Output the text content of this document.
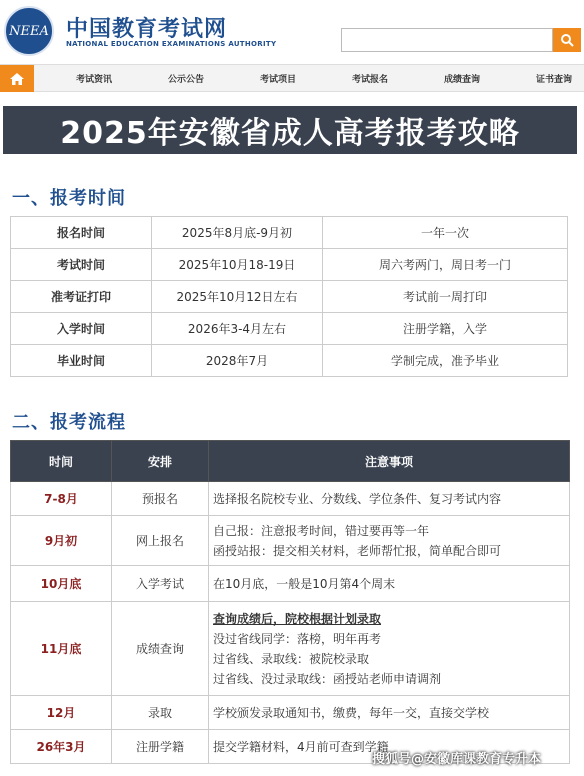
NEEA 中国教育考试网
NATIONAL EDUCATION EXAMINATIONS AUTHORITY
考试资讯	公示公告	考试项目	考试报名	成绩查询	证书查询
2025年安徽省成人高考报考攻略
一、报考时间
报名时间	2025年8月底-9月初	一年一次
考试时间	2025年10月18-19日	周六考两门，周日考一门
准考证打印	2025年10月12日左右	考试前一周打印
入学时间	2026年3-4月左右	注册学籍，入学
毕业时间	2028年7月	学制完成，准予毕业
二、报考流程
时间	安排	注意事项
7-8月	预报名	选择报名院校专业、分数线、学位条件、复习考试内容

9月初	网上报名	自己报：注意报考时间，错过要再等一年
函授站报：提交相关材料，老师帮忙报，简单配合即可

10月底	入学考试	在10月底，一般是10月第4个周末

11月底	成绩查询	查询成绩后，院校根据计划录取
没过省线同学：落榜，明年再考
过省线、录取线：被院校录取
过省线、没过录取线：函授站老师申请调剂

12月	录取	学校颁发录取通知书，缴费，每年一交，直接交学校

26年3月	注册学籍	提交学籍材料，4月前可查到学籍
搜狐号@安徽库课教育专升本
